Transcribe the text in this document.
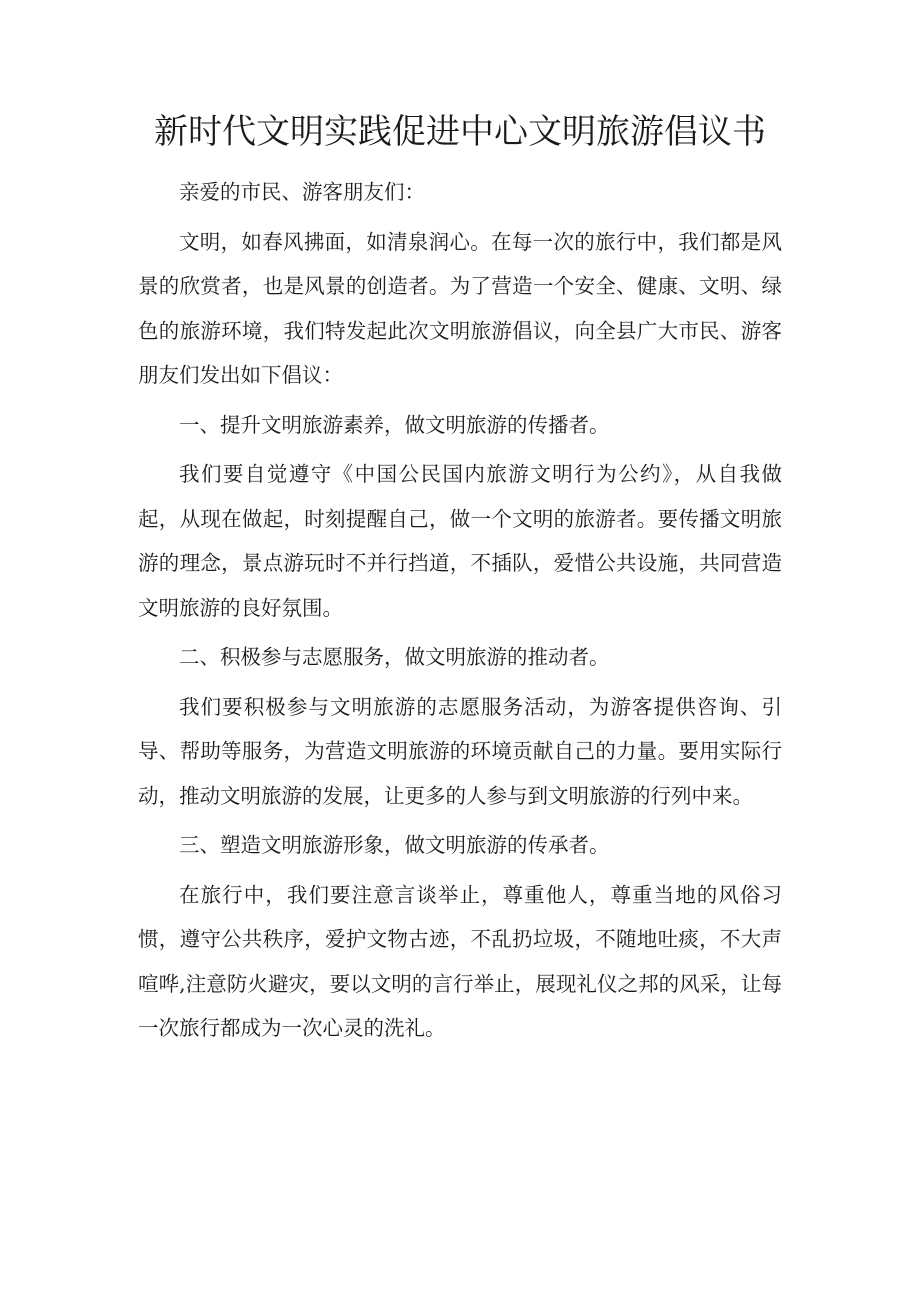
新时代文明实践促进中心文明旅游倡议书

亲爱的市民、游客朋友们：

文明，如春风拂面，如清泉润心。在每一次的旅行中，我们都是风景的欣赏者，也是风景的创造者。为了营造一个安全、健康、文明、绿色的旅游环境，我们特发起此次文明旅游倡议，向全县广大市民、游客朋友们发出如下倡议：

一、提升文明旅游素养，做文明旅游的传播者。

我们要自觉遵守《中国公民国内旅游文明行为公约》，从自我做起，从现在做起，时刻提醒自己，做一个文明的旅游者。要传播文明旅游的理念，景点游玩时不并行挡道，不插队，爱惜公共设施，共同营造文明旅游的良好氛围。

二、积极参与志愿服务，做文明旅游的推动者。

我们要积极参与文明旅游的志愿服务活动，为游客提供咨询、引导、帮助等服务，为营造文明旅游的环境贡献自己的力量。要用实际行动，推动文明旅游的发展，让更多的人参与到文明旅游的行列中来。

三、塑造文明旅游形象，做文明旅游的传承者。

在旅行中，我们要注意言谈举止，尊重他人，尊重当地的风俗习惯，遵守公共秩序，爱护文物古迹，不乱扔垃圾，不随地吐痰，不大声喧哗,注意防火避灾，要以文明的言行举止，展现礼仪之邦的风采，让每一次旅行都成为一次心灵的洗礼。
